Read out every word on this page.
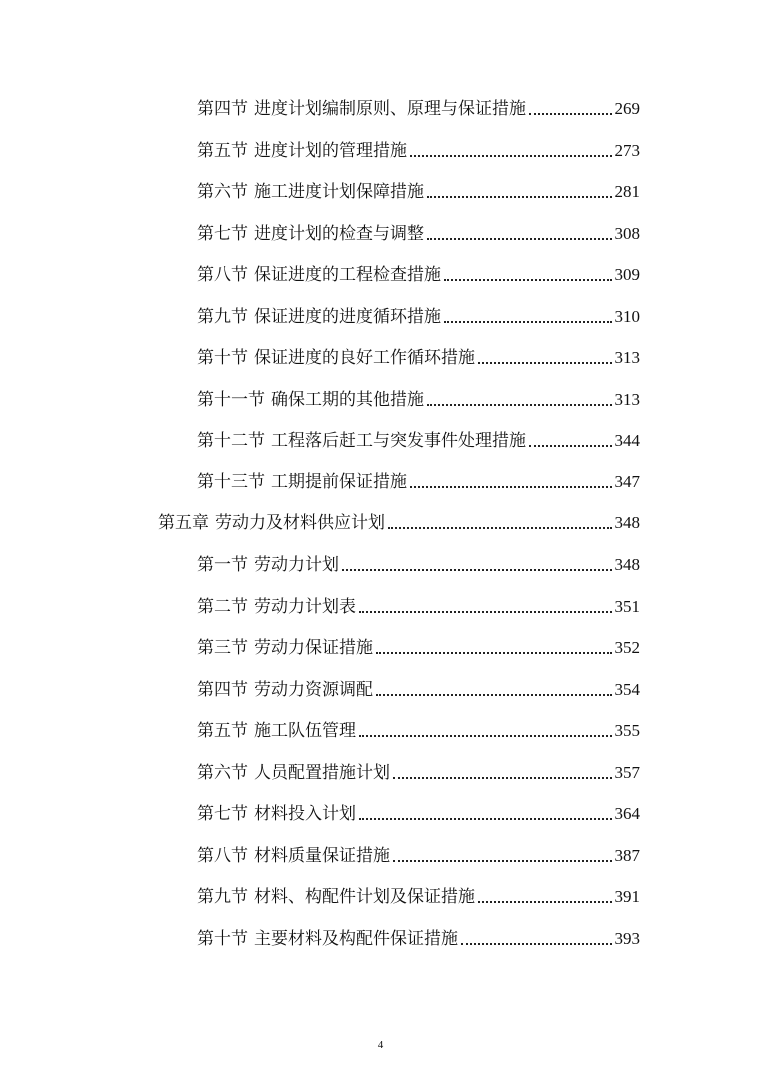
第四节 进度计划编制原则、原理与保证措施	269
第五节 进度计划的管理措施	273
第六节 施工进度计划保障措施	281
第七节 进度计划的检查与调整	308
第八节 保证进度的工程检查措施	309
第九节 保证进度的进度循环措施	310
第十节 保证进度的良好工作循环措施	313
第十一节 确保工期的其他措施	313
第十二节 工程落后赶工与突发事件处理措施	344
第十三节 工期提前保证措施	347
第五章 劳动力及材料供应计划	348
第一节 劳动力计划	348
第二节 劳动力计划表	351
第三节 劳动力保证措施	352
第四节 劳动力资源调配	354
第五节 施工队伍管理	355
第六节 人员配置措施计划	357
第七节 材料投入计划	364
第八节 材料质量保证措施	387
第九节 材料、构配件计划及保证措施	391
第十节 主要材料及构配件保证措施	393
4
